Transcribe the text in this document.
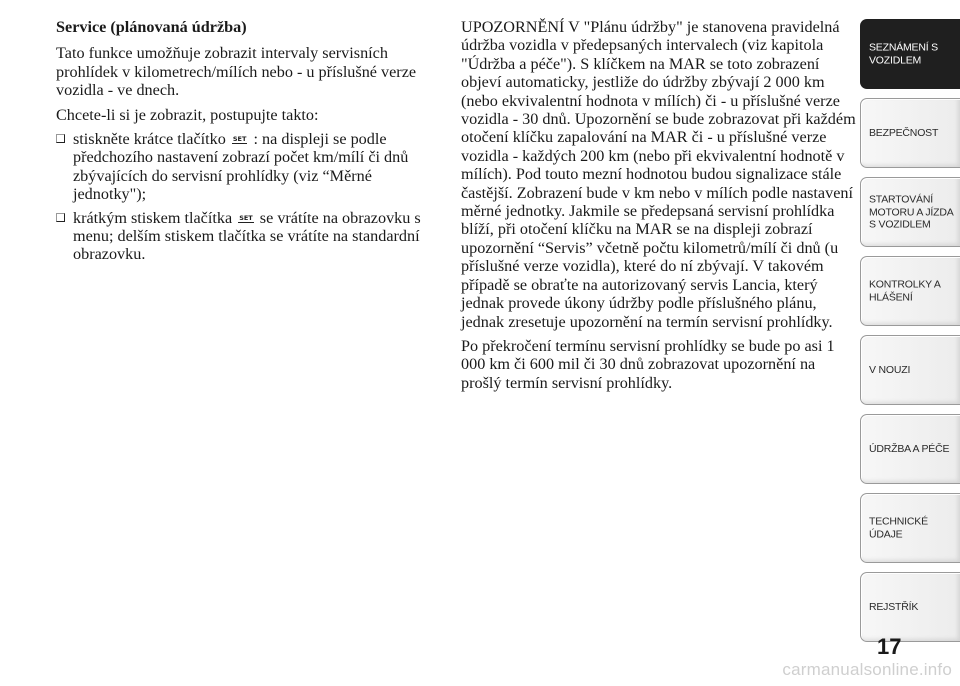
Service (plánovaná údržba)

Tato funkce umožňuje zobrazit intervaly servisních prohlídek v kilometrech/mílích nebo - u příslušné verze vozidla - ve dnech.

Chcete-li si je zobrazit, postupujte takto:

stiskněte krátce tlačítko SET : na displeji se podle předchozího nastavení zobrazí počet km/mílí či dnů zbývajících do servisní prohlídky (viz “Měrné jednotky");
krátkým stiskem tlačítka SET se vrátíte na obrazovku s menu; delším stiskem tlačítka se vrátíte na standardní obrazovku.

UPOZORNĚNÍ V "Plánu údržby" je stanovena pravidelná údržba vozidla v předepsaných intervalech (viz kapitola "Údržba a péče"). S klíčkem na MAR se toto zobrazení objeví automaticky, jestliže do údržby zbývají 2 000 km (nebo ekvivalentní hodnota v mílích) či - u příslušné verze vozidla - 30 dnů. Upozornění se bude zobrazovat při každém otočení klíčku zapalování na MAR či - u příslušné verze vozidla - každých 200 km (nebo při ekvivalentní hodnotě v mílích). Pod touto mezní hodnotou budou signalizace stále častější. Zobrazení bude v km nebo v mílích podle nastavení měrné jednotky. Jakmile se předepsaná servisní prohlídka blíží, při otočení klíčku na MAR se na displeji zobrazí upozornění “Servis” včetně počtu kilometrů/mílí či dnů (u příslušné verze vozidla), které do ní zbývají. V takovém případě se obraťte na autorizovaný servis Lancia, který jednak provede úkony údržby podle příslušného plánu, jednak zresetuje upozornění na termín servisní prohlídky.

Po překročení termínu servisní prohlídky se bude po asi 1 000 km či 600 mil či 30 dnů zobrazovat upozornění na prošlý termín servisní prohlídky.

SEZNÁMENÍ S
VOZIDLEM
BEZPEČNOST
STARTOVÁNÍ
MOTORU A JÍZDA
S VOZIDLEM
KONTROLKY A
HLÁŠENÍ
V NOUZI
ÚDRŽBA A PÉČE
TECHNICKÉ
ÚDAJE
REJSTŘÍK
17
carmanualsonline.info
